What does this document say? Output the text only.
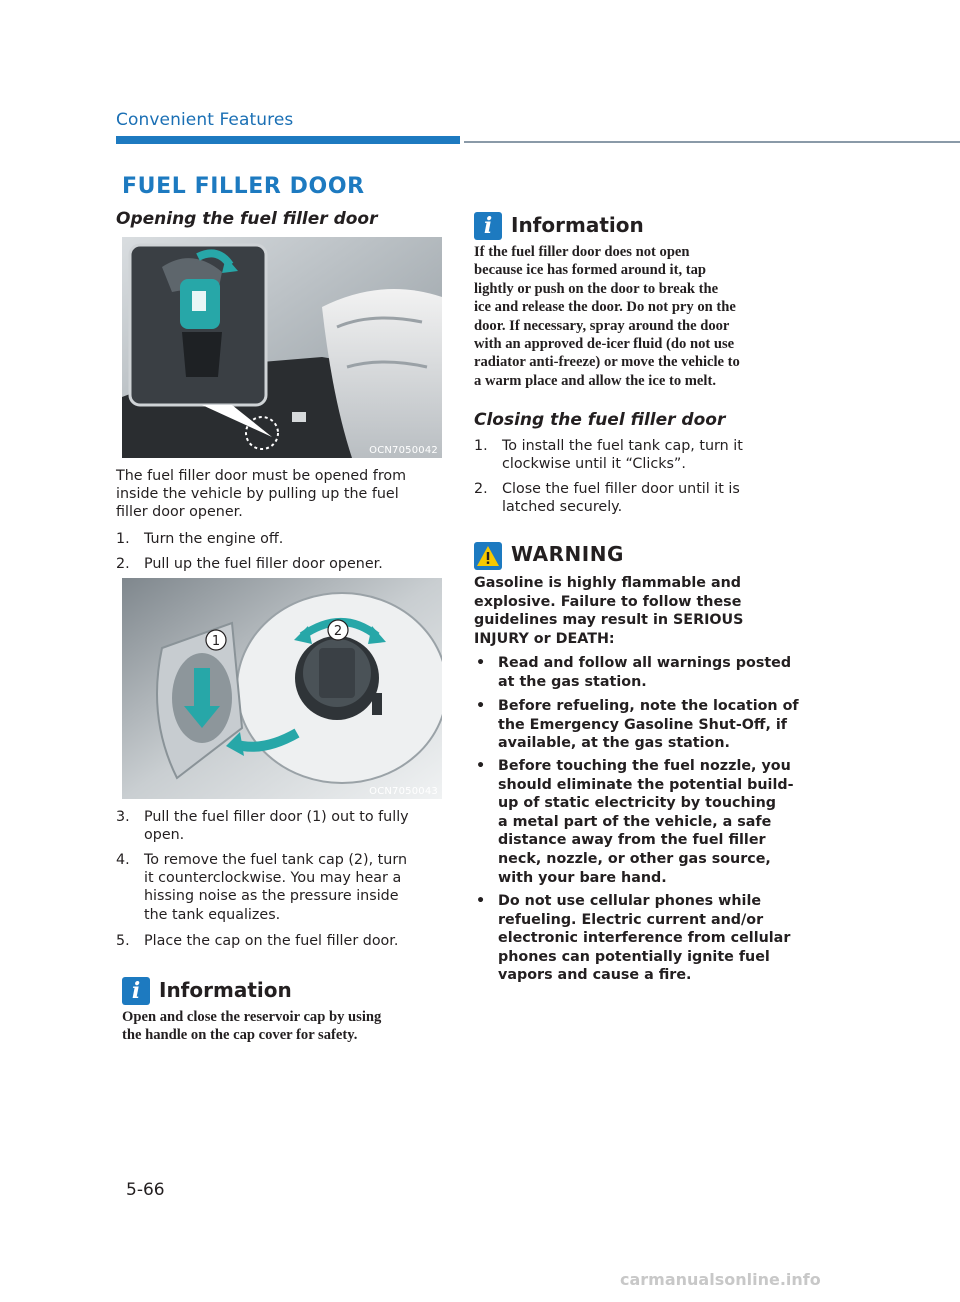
Convenient Features
FUEL FILLER DOOR
Opening the fuel filler door
OCN7050042
The fuel filler door must be opened from
inside the vehicle by pulling up the fuel
filler door opener.
1. Turn the engine off.
2. Pull up the fuel filler door opener.
1
2
OCN7050043
3. Pull the fuel filler door (1) out to fully
open.
4. To remove the fuel tank cap (2), turn
it counterclockwise. You may hear a
hissing noise as the pressure inside
the tank equalizes.
5. Place the cap on the fuel filler door.
i Information
Open and close the reservoir cap by using
the handle on the cap cover for safety.
i Information
If the fuel filler door does not open
because ice has formed around it, tap
lightly or push on the door to break the
ice and release the door. Do not pry on the
door. If necessary, spray around the door
with an approved de-icer fluid (do not use
radiator anti-freeze) or move the vehicle to
a warm place and allow the ice to melt.
Closing the fuel filler door
1. To install the fuel tank cap, turn it
clockwise until it “Clicks”.
2. Close the fuel filler door until it is
latched securely.
WARNING
Gasoline is highly flammable and
explosive. Failure to follow these
guidelines may result in SERIOUS
INJURY or DEATH:
• Read and follow all warnings posted
at the gas station.
• Before refueling, note the location of
the Emergency Gasoline Shut-Off, if
available, at the gas station.
• Before touching the fuel nozzle, you
should eliminate the potential build-
up of static electricity by touching
a metal part of the vehicle, a safe
distance away from the fuel filler
neck, nozzle, or other gas source,
with your bare hand.
• Do not use cellular phones while
refueling. Electric current and/or
electronic interference from cellular
phones can potentially ignite fuel
vapors and cause a fire.
5-66
carmanualsonline.info
